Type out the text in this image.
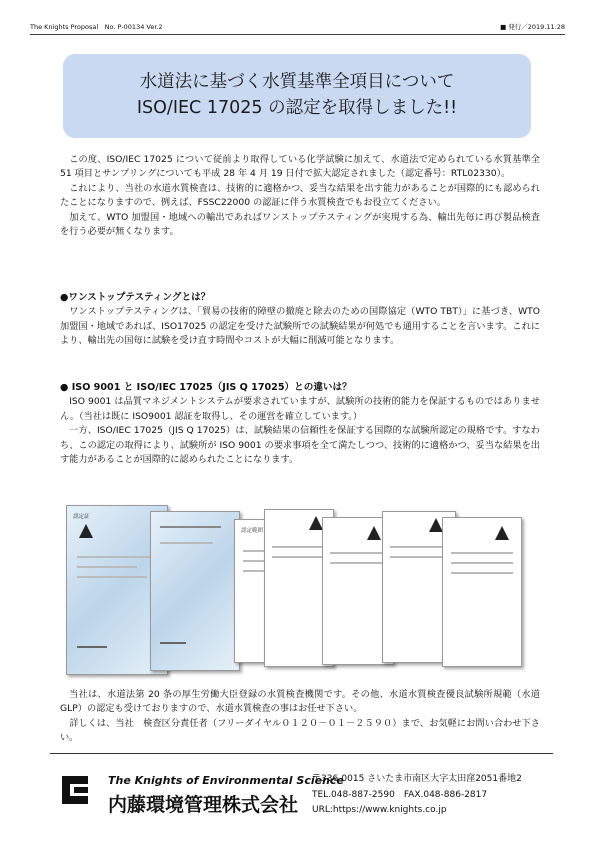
The Knights Proposal　No. P-00134 Ver.2	■ 発行／2019.11.28
水道法に基づく水質基準全項目について
ISO/IEC 17025 の認定を取得しました!!

この度、ISO/IEC 17025 について従前より取得している化学試験に加えて、水道法で定められている水質基準全 51 項目とサンプリングについても平成 28 年 4 月 19 日付で拡大認定されました（認定番号：RTL02330）。

これにより、当社の水道水質検査は、技術的に適格かつ、妥当な結果を出す能力があることが国際的にも認められたことになりますので、例えば、FSSC22000 の認証に伴う水質検査でもお役立てください。

加えて、WTO 加盟国・地域への輸出であればワンストップテスティングが実現する為、輸出先毎に再び製品検査を行う必要が無くなります。

●ワンストップテスティングとは？

ワンストップテスティングは、「貿易の技術的障壁の撤廃と除去のための国際協定（WTO TBT）」に基づき、WTO 加盟国・地域であれば、ISO17025 の認定を受けた試験所での試験結果が何処でも通用することを言います。これにより、輸出先の国毎に試験を受け直す時間やコストが大幅に削減可能となります。

● ISO 9001 と ISO/IEC 17025（JIS Q 17025）との違いは？

ISO 9001 は品質マネジメントシステムが要求されていますが、試験所の技術的能力を保証するものではありません。（当社は既に ISO9001 認証を取得し、その運営を確立しています。）

一方、ISO/IEC 17025（JIS Q 17025）は、試験結果の信頼性を保証する国際的な試験所認定の規格です。すなわち、この認定の取得により、試験所が ISO 9001 の要求事項を全て満たしつつ、技術的に適格かつ、妥当な結果を出す能力があることが国際的に認められたことになります。

認定証
認定範囲

当社は、水道法第 20 条の厚生労働大臣登録の水質検査機関です。その他、水道水質検査優良試験所規範（水道 GLP）の認定も受けておりますので、水道水質検査の事はお任せ下さい。

詳しくは、当社　検査区分責任者（フリーダイヤル０１２０－０１－２５９０）まで、お気軽にお問い合わせ下さい。

The Knights of Environmental Science
内藤環境管理株式会社
〒336-0015 さいたま市南区大字太田窪2051番地2
TEL.048-887-2590　FAX.048-886-2817
URL:https://www.knights.co.jp
